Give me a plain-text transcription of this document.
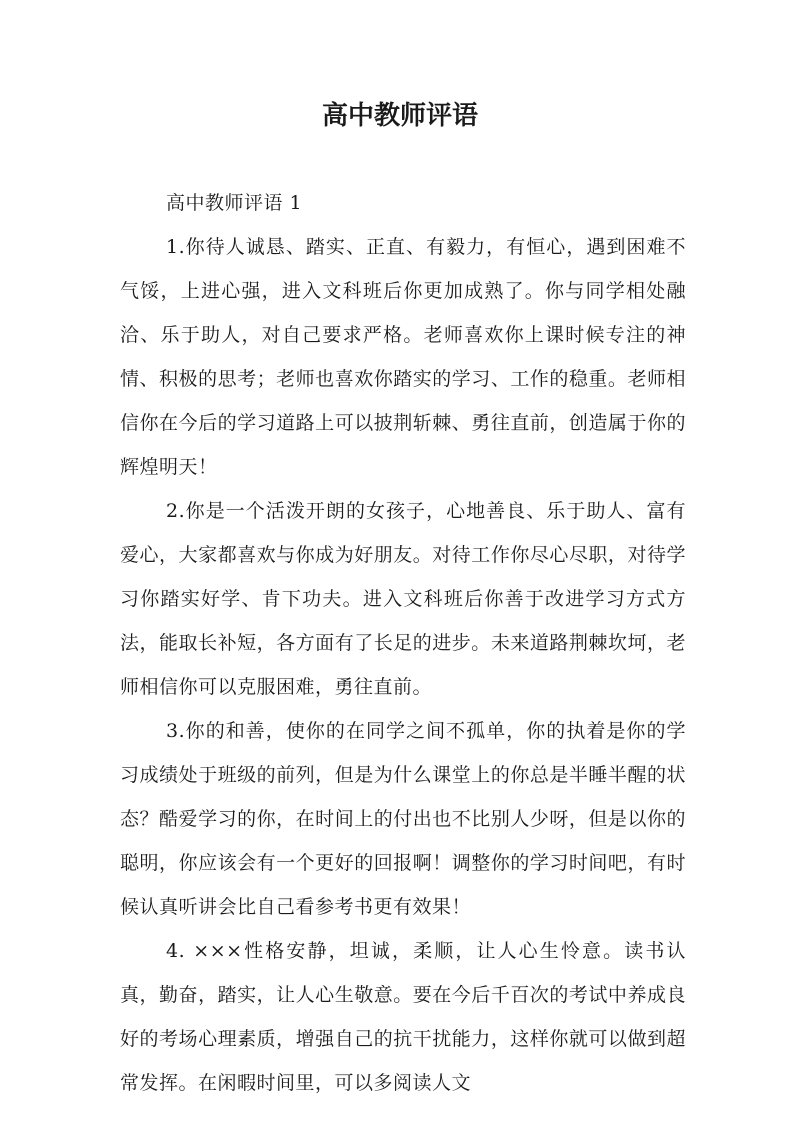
高中教师评语

高中教师评语 1

1.你待人诚恳、踏实、正直、有毅力，有恒心，遇到困难不气馁，上进心强，进入文科班后你更加成熟了。你与同学相处融洽、乐于助人，对自己要求严格。老师喜欢你上课时候专注的神情、积极的思考；老师也喜欢你踏实的学习、工作的稳重。老师相信你在今后的学习道路上可以披荆斩棘、勇往直前，创造属于你的辉煌明天！

2.你是一个活泼开朗的女孩子，心地善良、乐于助人、富有爱心，大家都喜欢与你成为好朋友。对待工作你尽心尽职，对待学习你踏实好学、肯下功夫。进入文科班后你善于改进学习方式方法，能取长补短，各方面有了长足的进步。未来道路荆棘坎坷，老师相信你可以克服困难，勇往直前。

3.你的和善，使你的在同学之间不孤单，你的执着是你的学习成绩处于班级的前列，但是为什么课堂上的你总是半睡半醒的状态？酷爱学习的你，在时间上的付出也不比别人少呀，但是以你的聪明，你应该会有一个更好的回报啊！调整你的学习时间吧，有时候认真听讲会比自己看参考书更有效果！

4. ×××性格安静，坦诚，柔顺，让人心生怜意。读书认真，勤奋，踏实，让人心生敬意。要在今后千百次的考试中养成良好的考场心理素质，增强自己的抗干扰能力，这样你就可以做到超常发挥。在闲暇时间里，可以多阅读人文
